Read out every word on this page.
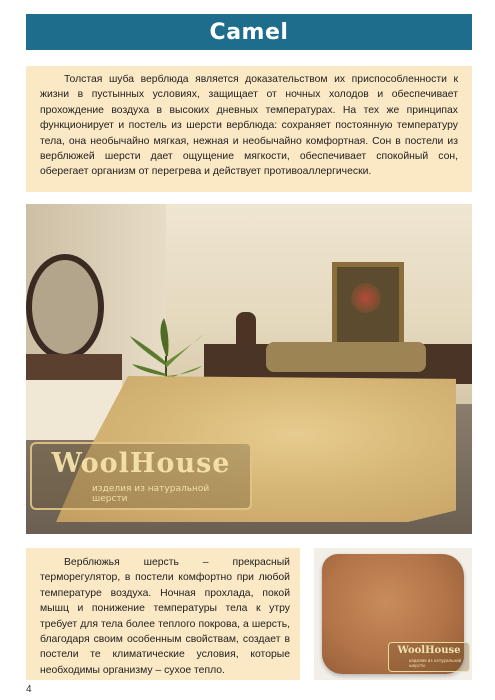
Camel

Толстая шуба верблюда является доказательством их приспособленности к жизни в пустынных условиях, защищает от ночных холодов и обеспечивает прохождение воздуха в высоких дневных температурах. На тех же принципах функционирует и постель из шерсти верблюда: сохраняет постоянную температуру тела, она необычайно мягкая, нежная и необычайно комфортная. Сон в постели из верблюжей шерсти дает ощущение мягкости, обеспечивает спокойный сон, оберегает организм от перегрева и действует противоаллергически.

WoolHouse
изделия из натуральной шерсти

Верблюжья шерсть – прекрасный терморегулятор, в постели комфортно при любой температуре воздуха. Ночная прохлада, покой мышц и понижение температуры тела к утру требует для тела более теплого покрова, а шерсть, благодаря своим особенным свойствам, создает в постели те климатические условия, которые необходимы организму – сухое тепло.

WoolHouse
изделия из натуральной шерсти
4
